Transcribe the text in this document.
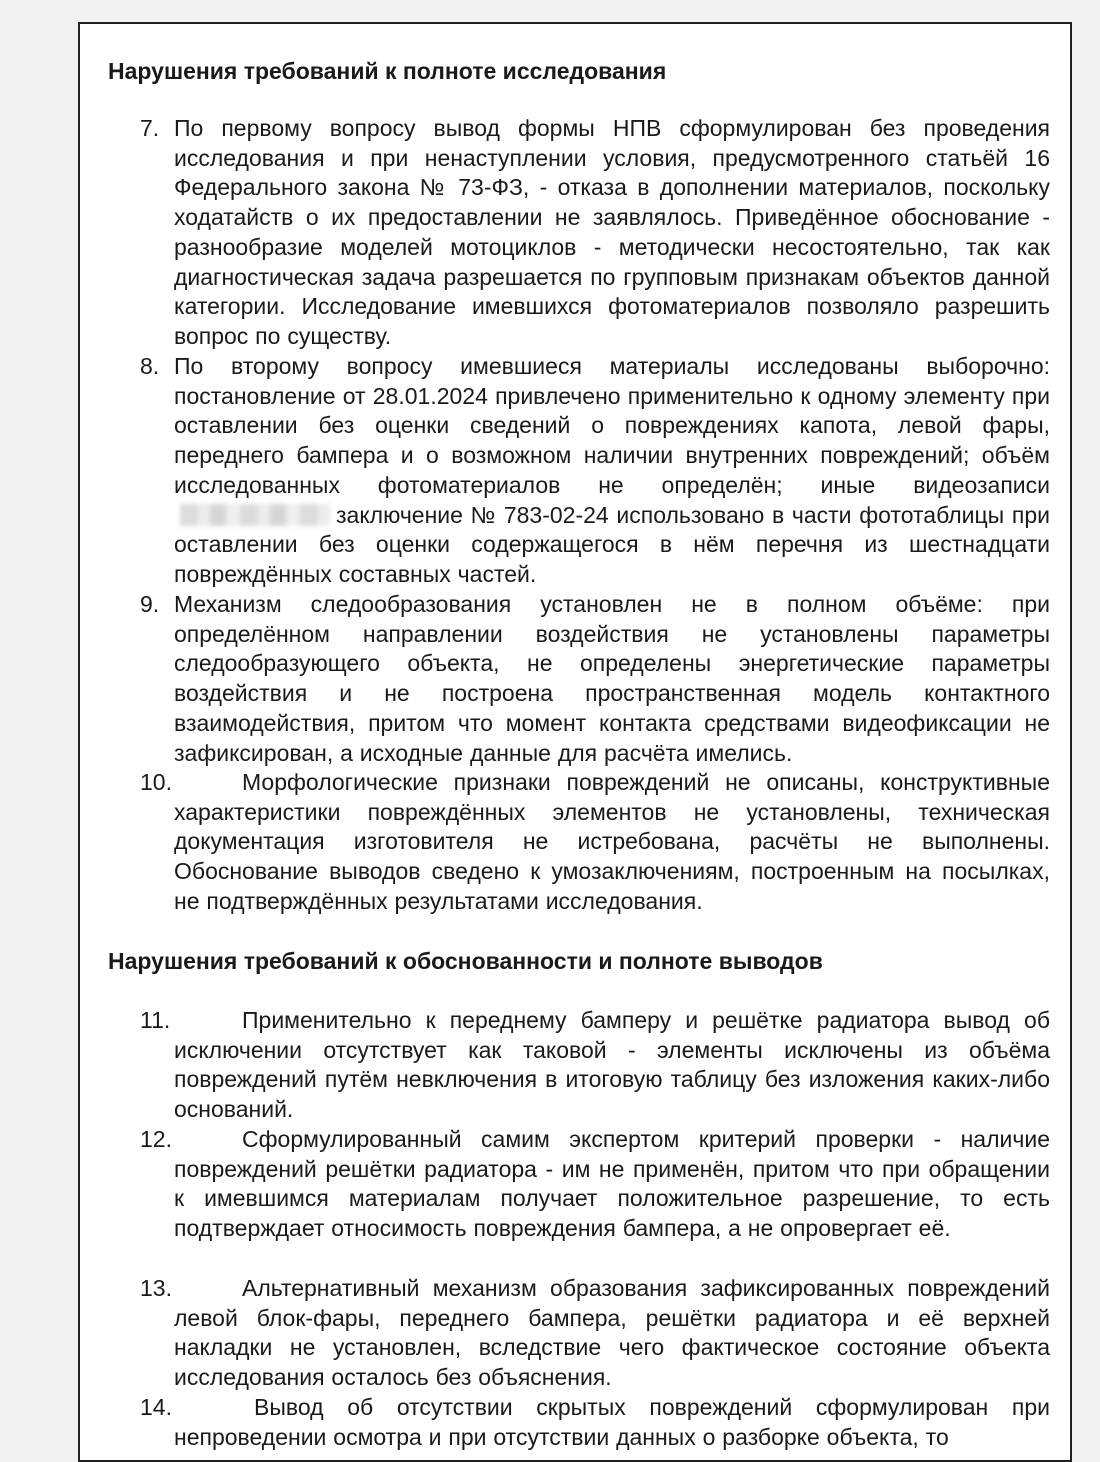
Нарушения требований к полноте исследования
7. По первому вопросу вывод формы НПВ сформулирован без проведения исследования и при ненаступлении условия, предусмотренного статьёй 16 Федерального закона № 73-ФЗ, - отказа в дополнении материалов, поскольку ходатайств о их предоставлении не заявлялось. Приведённое обоснование - разнообразие моделей мотоциклов - методически несостоятельно, так как диагностическая задача разрешается по групповым признакам объектов данной категории. Исследование имевшихся фотоматериалов позволяло разрешить вопрос по существу.
8. По второму вопросу имевшиеся материалы исследованы выборочно: постановление от 28.01.2024 привлечено применительно к одному элементу при оставлении без оценки сведений о повреждениях капота, левой фары, переднего бампера и о возможном наличии внутренних повреждений; объём исследованных фотоматериалов не определён; иные видеозаписизаключение № 783-02-24 использовано в части фототаблицы при оставлении без оценки содержащегося в нём перечня из шестнадцати повреждённых составных частей.
9. Механизм следообразования установлен не в полном объёме: при определённом направлении воздействия не установлены параметры следообразующего объекта, не определены энергетические параметры воздействия и не построена пространственная модель контактного взаимодействия, притом что момент контакта средствами видеофиксации не зафиксирован, а исходные данные для расчёта имелись.
10.	Морфологические признаки повреждений не описаны, конструктивные характеристики повреждённых элементов не установлены, техническая документация изготовителя не истребована, расчёты не выполнены. Обоснование выводов сведено к умозаключениям, построенным на посылках, не подтверждённых результатами исследования.
Нарушения требований к обоснованности и полноте выводов
11.	Применительно к переднему бамперу и решётке радиатора вывод об исключении отсутствует как таковой - элементы исключены из объёма повреждений путём невключения в итоговую таблицу без изложения каких-либо оснований.
12.	Сформулированный самим экспертом критерий проверки - наличие повреждений решётки радиатора - им не применён, притом что при обращении к имевшимся материалам получает положительное разрешение, то есть подтверждает относимость повреждения бампера, а не опровергает её.
13.	Альтернативный механизм образования зафиксированных повреждений левой блок-фары, переднего бампера, решётки радиатора и её верхней накладки не установлен, вследствие чего фактическое состояние объекта исследования осталось без объяснения.
14.	Вывод об отсутствии скрытых повреждений сформулирован при непроведении осмотра и при отсутствии данных о разборке объекта, то
